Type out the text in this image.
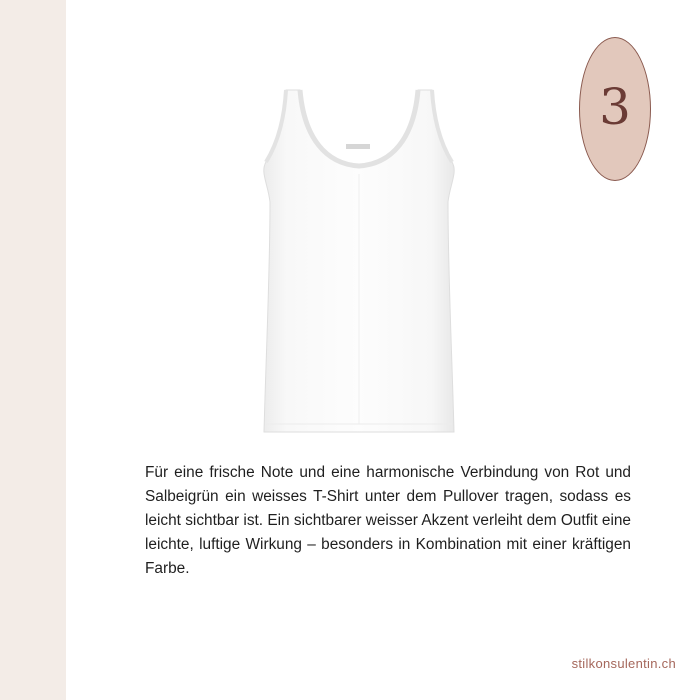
3

Für eine frische Note und eine harmonische Verbindung von Rot und Salbeigrün ein weisses T-Shirt unter dem Pullover tragen, sodass es leicht sichtbar ist. Ein sichtbarer weisser Akzent verleiht dem Outfit eine leichte, luftige Wirkung – besonders in Kombination mit einer kräftigen Farbe.

stilkonsulentin.ch
